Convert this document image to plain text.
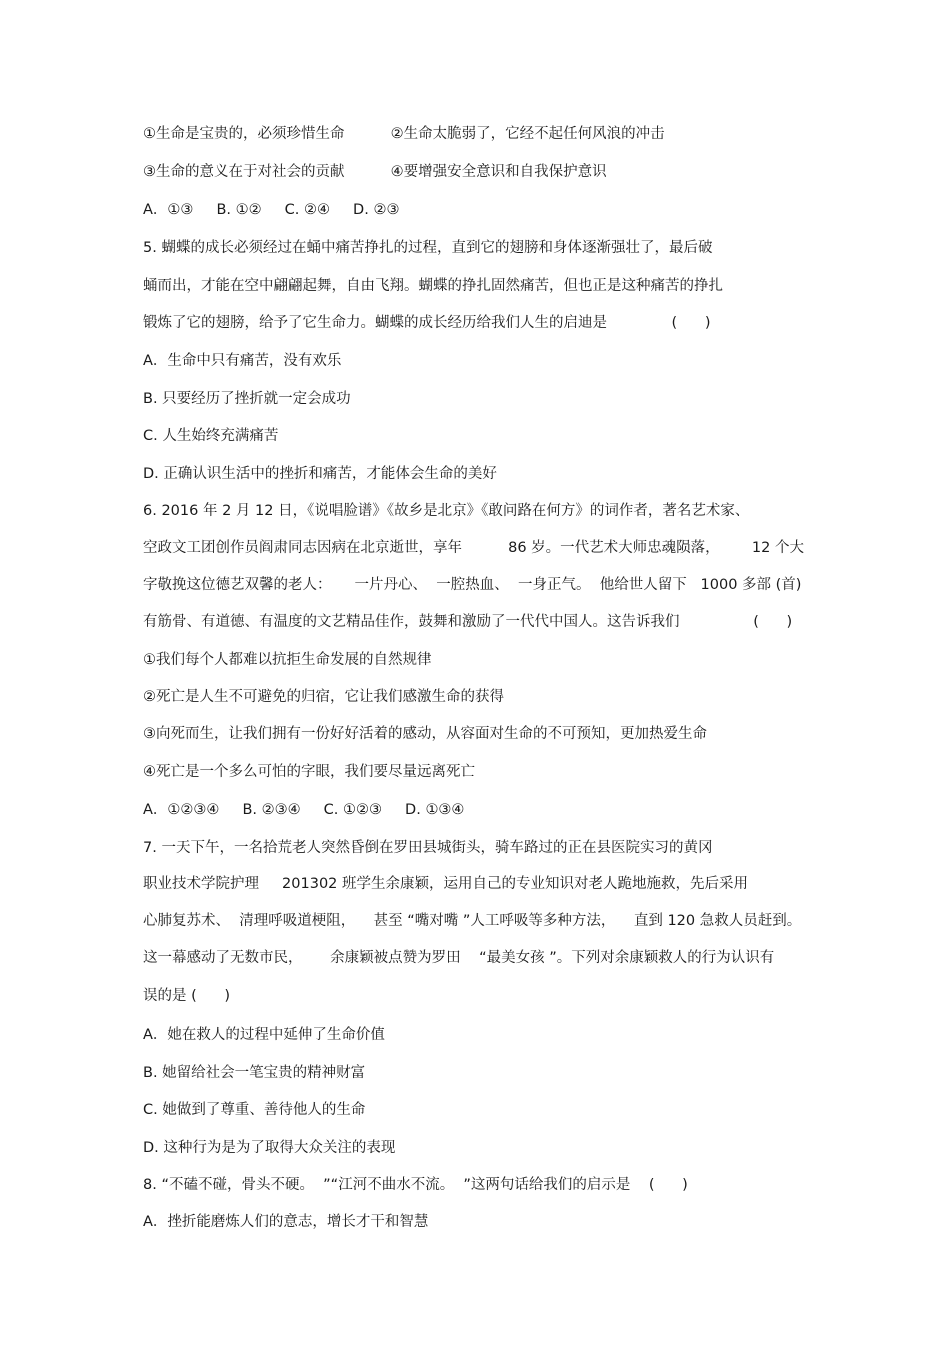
①生命是宝贵的，必须珍惜生命          ②生命太脆弱了，它经不起任何风浪的冲击
③生命的意义在于对社会的贡献          ④要增强安全意识和自我保护意识
A．①③     B. ①②     C. ②④     D. ②③
5. 蝴蝶的成长必须经过在蛹中痛苦挣扎的过程，直到它的翅膀和身体逐渐强壮了，最后破
蛹而出，才能在空中翩翩起舞，自由飞翔。蝴蝶的挣扎固然痛苦，但也正是这种痛苦的挣扎
锻炼了它的翅膀，给予了它生命力。蝴蝶的成长经历给我们人生的启迪是              (      )
A．生命中只有痛苦，没有欢乐
B. 只要经历了挫折就一定会成功
C. 人生始终充满痛苦
D. 正确认识生活中的挫折和痛苦，才能体会生命的美好
6. 2016 年 2 月 12 日，《说唱脸谱》《故乡是北京》《敢问路在何方》的词作者，著名艺术家、
空政文工团创作员阎肃同志因病在北京逝世，享年          86 岁。一代艺术大师忠魂陨落，       12 个大
字敬挽这位德艺双馨的老人：     一片丹心、  一腔热血、  一身正气。  他给世人留下   1000 多部 (首)
有筋骨、有道德、有温度的文艺精品佳作，鼓舞和激励了一代代中国人。这告诉我们                (      )
①我们每个人都难以抗拒生命发展的自然规律
②死亡是人生不可避免的归宿，它让我们感激生命的获得
③向死而生，让我们拥有一份好好活着的感动，从容面对生命的不可预知，更加热爱生命
④死亡是一个多么可怕的字眼，我们要尽量远离死亡
A．①②③④     B. ②③④     C. ①②③     D. ①③④
7. 一天下午，一名拾荒老人突然昏倒在罗田县城街头，骑车路过的正在县医院实习的黄冈
职业技术学院护理     201302 班学生余康颖，运用自己的专业知识对老人跪地施救，先后采用
心肺复苏术、  清理呼吸道梗阻，    甚至 “嘴对嘴 ”人工呼吸等多种方法，    直到 120 急救人员赶到。
这一幕感动了无数市民，      余康颖被点赞为罗田    “最美女孩 ”。下列对余康颖救人的行为认识有
误的是 (      )
A．她在救人的过程中延伸了生命价值
B. 她留给社会一笔宝贵的精神财富
C. 她做到了尊重、善待他人的生命
D. 这种行为是为了取得大众关注的表现
8. “不磕不碰，骨头不硬。  ”“江河不曲水不流。  ”这两句话给我们的启示是    (      )
A．挫折能磨炼人们的意志，增长才干和智慧
